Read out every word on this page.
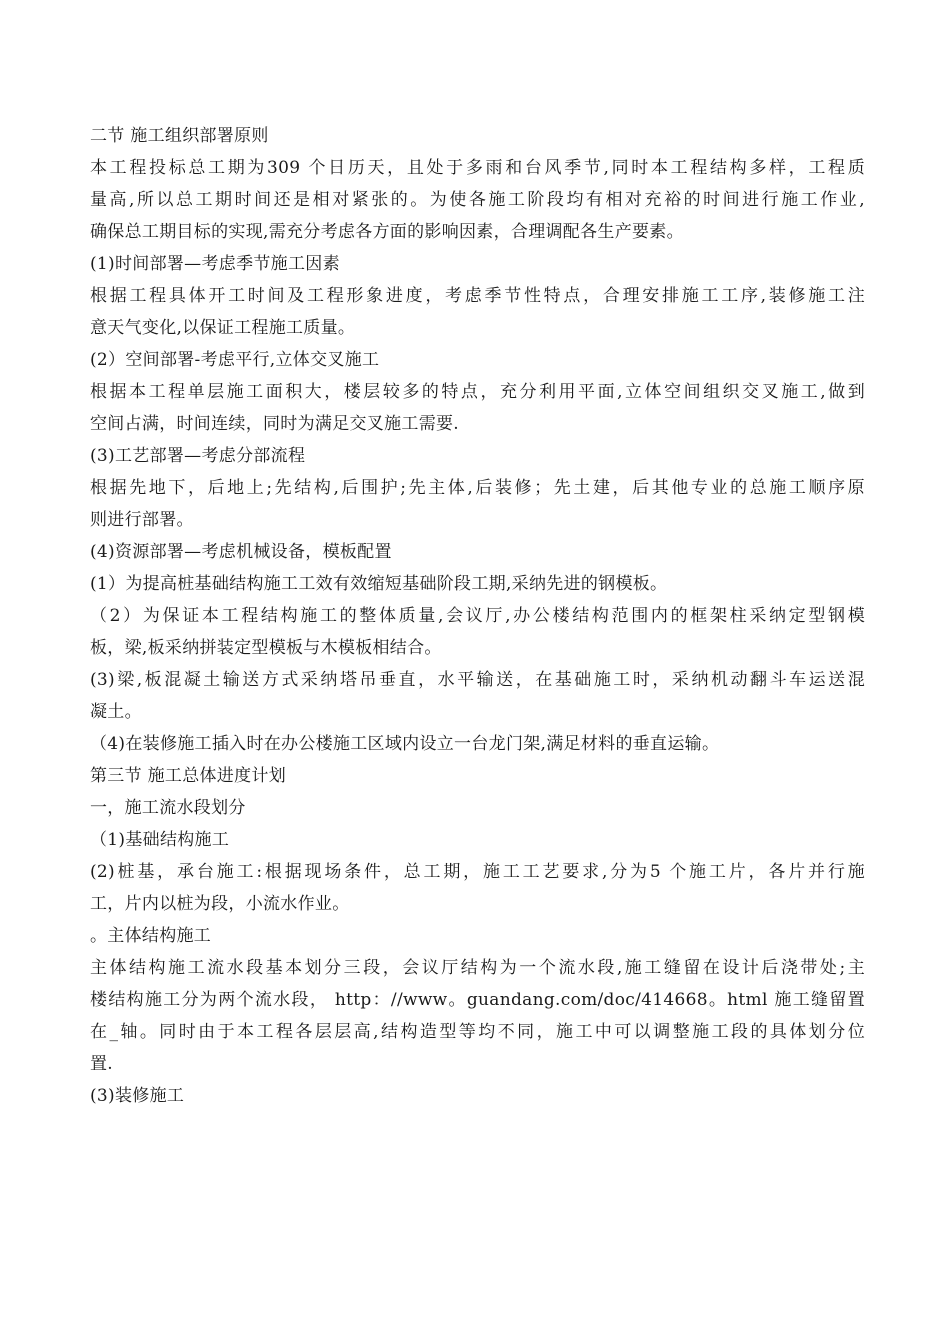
二节 施工组织部署原则

本工程投标总工期为309 个日历天，且处于多雨和台风季节,同时本工程结构多样，工程质

量高,所以总工期时间还是相对紧张的。为使各施工阶段均有相对充裕的时间进行施工作业,

确保总工期目标的实现,需充分考虑各方面的影响因素，合理调配各生产要素。

(1)时间部署—考虑季节施工因素

根据工程具体开工时间及工程形象进度，考虑季节性特点，合理安排施工工序,装修施工注

意天气变化,以保证工程施工质量。

(2）空间部署-考虑平行,立体交叉施工

根据本工程单层施工面积大，楼层较多的特点，充分利用平面,立体空间组织交叉施工,做到

空间占满，时间连续，同时为满足交叉施工需要.

(3)工艺部署—考虑分部流程

根据先地下，后地上;先结构,后围护;先主体,后装修；先土建，后其他专业的总施工顺序原

则进行部署。

(4)资源部署—考虑机械设备，模板配置

(1）为提高桩基础结构施工工效有效缩短基础阶段工期,采纳先进的钢模板。

（2）为保证本工程结构施工的整体质量,会议厅,办公楼结构范围内的框架柱采纳定型钢模

板，梁,板采纳拼装定型模板与木模板相结合。

(3)梁,板混凝土输送方式采纳塔吊垂直，水平输送，在基础施工时，采纳机动翻斗车运送混

凝土。

（4)在装修施工插入时在办公楼施工区域内设立一台龙门架,满足材料的垂直运输。

第三节 施工总体进度计划

一，施工流水段划分

（1)基础结构施工

(2)桩基，承台施工:根据现场条件，总工期，施工工艺要求,分为5 个施工片，各片并行施

工，片内以桩为段，小流水作业。

。主体结构施工

主体结构施工流水段基本划分三段，会议厅结构为一个流水段,施工缝留在设计后浇带处;主

楼结构施工分为两个流水段， http：//www。guandang.com/doc/414668。html 施工缝留置

在_轴。同时由于本工程各层层高,结构造型等均不同，施工中可以调整施工段的具体划分位

置.

(3)装修施工
